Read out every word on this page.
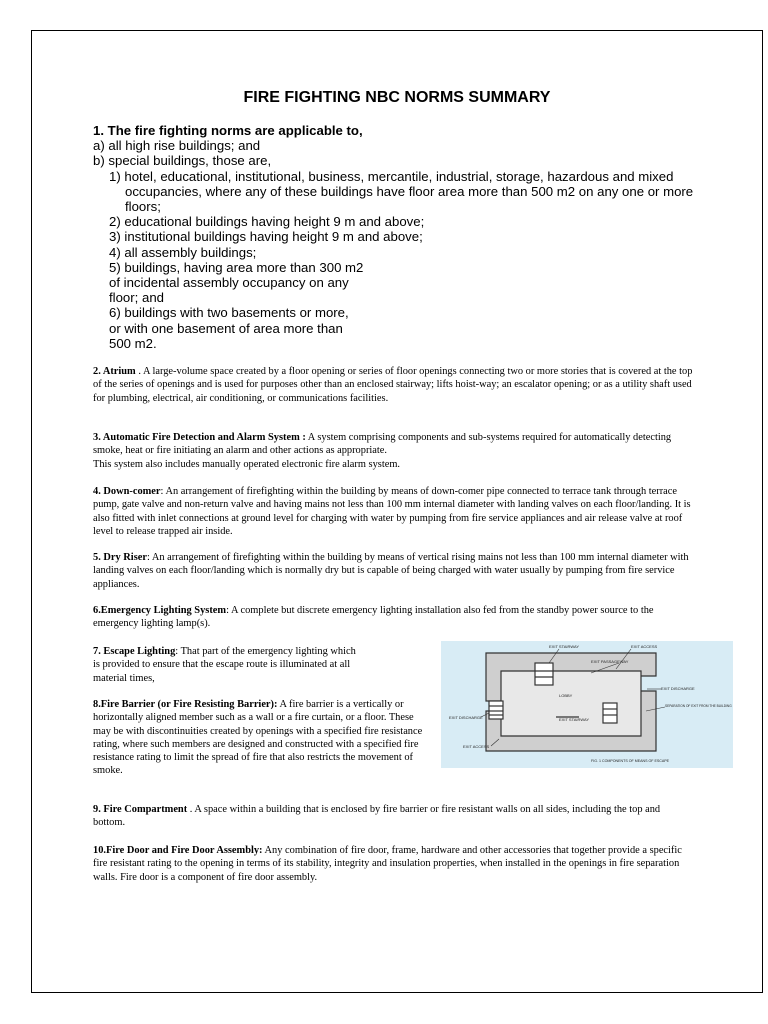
FIRE FIGHTING NBC NORMS SUMMARY
1. The fire fighting norms are applicable to,
a) all high rise buildings; and
b) special buildings, those are,
1) hotel, educational, institutional, business, mercantile, industrial, storage, hazardous and mixed occupancies, where any of these buildings have floor area more than 500 m2 on any one or more floors;
2) educational buildings having height 9 m and above;
3) institutional buildings having height 9 m and above;
4) all assembly buildings;
5) buildings, having area more than 300 m2
of incidental assembly occupancy on any
floor; and
6) buildings with two basements or more,
or with one basement of area more than
500 m2.

2. Atrium . A large-volume space created by a floor opening or series of floor openings connecting two or more stories that is covered at the top of the series of openings and is used for purposes other than an enclosed stairway; lifts hoist-way; an escalator opening; or as a utility shaft used for plumbing, electrical, air conditioning, or communications facilities.

3. Automatic Fire Detection and Alarm System : A system comprising components and sub-systems required for automatically detecting smoke, heat or fire initiating an alarm and other actions as appropriate.
This system also includes manually operated electronic fire alarm system.

4. Down-comer: An arrangement of firefighting within the building by means of down-comer pipe connected to terrace tank through terrace pump, gate valve and non-return valve and having mains not less than 100 mm internal diameter with landing valves on each floor/landing. It is also fitted with inlet connections at ground level for charging with water by pumping from fire service appliances and air release valve at roof level to release trapped air inside.

5. Dry Riser: An arrangement of firefighting within the building by means of vertical rising mains not less than 100 mm internal diameter with landing valves on each floor/landing which is normally dry but is capable of being charged with water usually by pumping from fire service appliances.

6.Emergency Lighting System: A complete but discrete emergency lighting installation also fed from the standby power source to the emergency lighting lamp(s).

7. Escape Lighting: That part of the emergency lighting which is provided to ensure that the escape route is illuminated at all material times,

8.Fire Barrier (or Fire Resisting Barrier): A fire barrier is a vertically or horizontally aligned member such as a wall or a fire curtain, or a floor. These may be with discontinuities created by openings with a specified fire resistance rating, where such members are designed and constructed with a specified fire resistance rating to limit the spread of fire that also restricts the movement of smoke.

9. Fire Compartment . A space within a building that is enclosed by fire barrier or fire resistant walls on all sides, including the top and bottom.

10.Fire Door and Fire Door Assembly: Any combination of fire door, frame, hardware and other accessories that together provide a specific fire resistant rating to the opening in terms of its stability, integrity and insulation properties, when installed in the openings in fire separation walls. Fire door is a component of fire door assembly.

EXIT STAIRWAY	EXIT ACCESS
EXIT PASSAGEWAY
LOBBY
EXIT DISCHARGE
EXIT DISCHARGE	EXIT STAIRWAY
EXIT ACCESS
SEPARATION OF EXIT FROM THE BUILDING
FIG. 1 COMPONENTS OF MEANS OF ESCAPE
